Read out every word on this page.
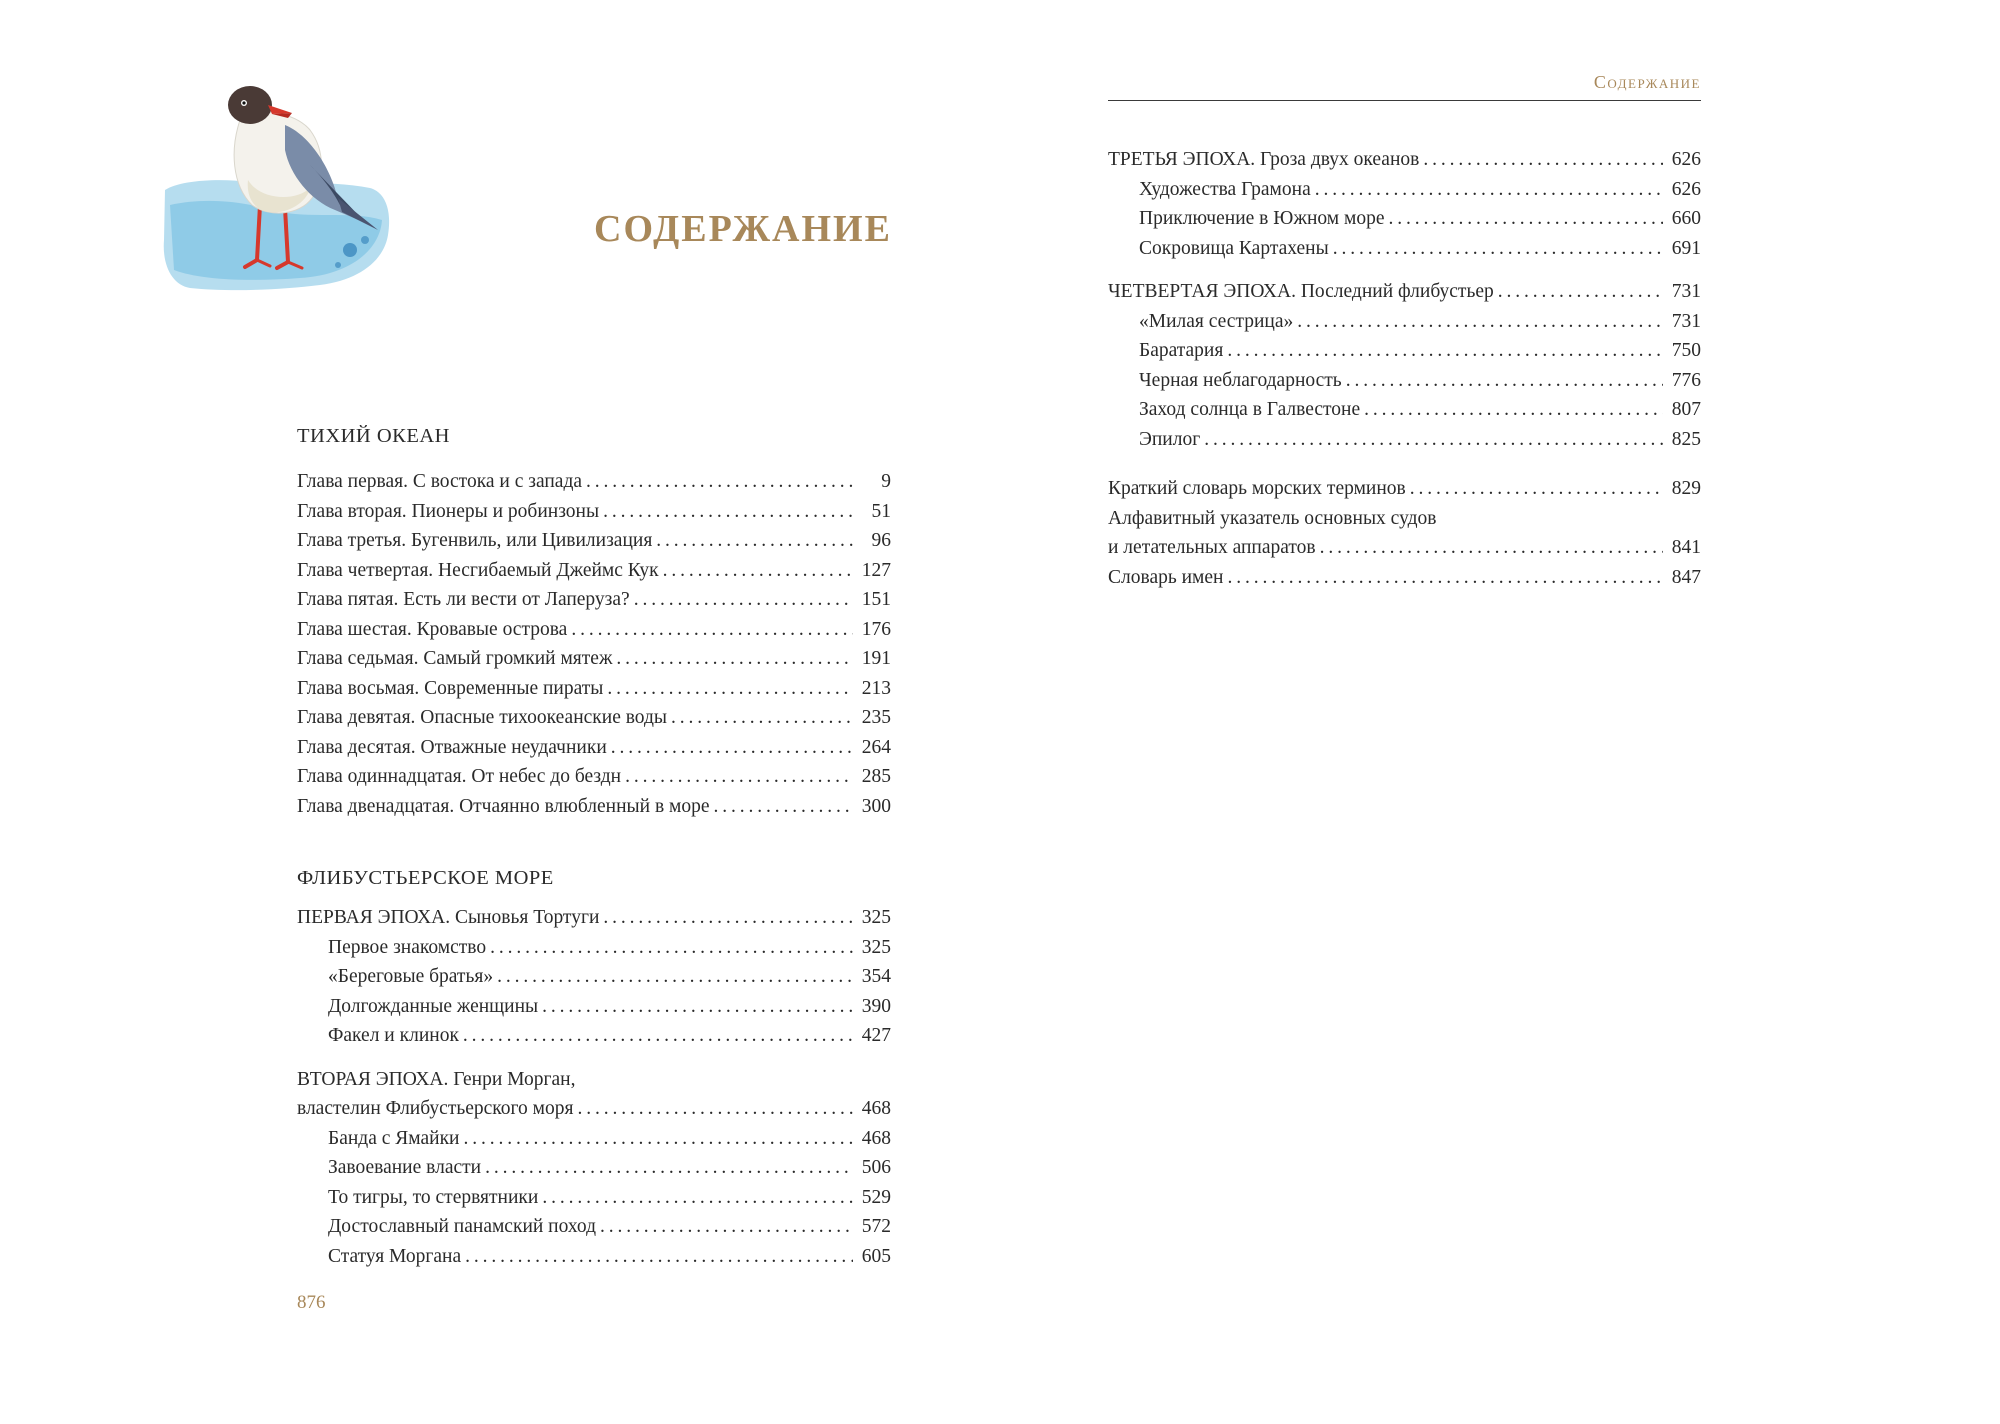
СОДЕРЖАНИЕ
ТИХИЙ ОКЕАН
Глава первая. С востока и с запада . . .	9
Глава вторая. Пионеры и робинзоны . . .	51
Глава третья. Бугенвиль, или Цивилизация . . .	96
Глава четвертая. Несгибаемый Джеймс Кук . . .	127
Глава пятая. Есть ли вести от Лаперуза? . . .	151
Глава шестая. Кровавые острова . . .	176
Глава седьмая. Самый громкий мятеж . . .	191
Глава восьмая. Современные пираты . . .	213
Глава девятая. Опасные тихоокеанские воды . . .	235
Глава десятая. Отважные неудачники . . .	264
Глава одиннадцатая. От небес до бездн . . .	285
Глава двенадцатая. Отчаянно влюбленный в море . . .	300
ФЛИБУСТЬЕРСКОЕ МОРЕ
ПЕРВАЯ ЭПОХА. Сыновья Тортуги . . .	325
Первое знакомство . . .	325
«Береговые братья» . . .	354
Долгожданные женщины . . .	390
Факел и клинок . . .	427
ВТОРАЯ ЭПОХА. Генри Морган,
властелин Флибустьерского моря . . .	468
Банда с Ямайки . . .	468
Завоевание власти . . .	506
То тигры, то стервятники . . .	529
Достославный панамский поход . . .	572
Статуя Моргана . . .	605
876
Содержание
ТРЕТЬЯ ЭПОХА. Гроза двух океанов . . .	626
Художества Грамона . . .	626
Приключение в Южном море . . .	660
Сокровища Картахены . . .	691
ЧЕТВЕРТАЯ ЭПОХА. Последний флибустьер . . .	731
«Милая сестрица» . . .	731
Баратария . . .	750
Черная неблагодарность . . .	776
Заход солнца в Галвестоне . . .	807
Эпилог . . .	825
Краткий словарь морских терминов . . .	829
Алфавитный указатель основных судов
и летательных аппаратов . . .	841
Словарь имен . . .	847
